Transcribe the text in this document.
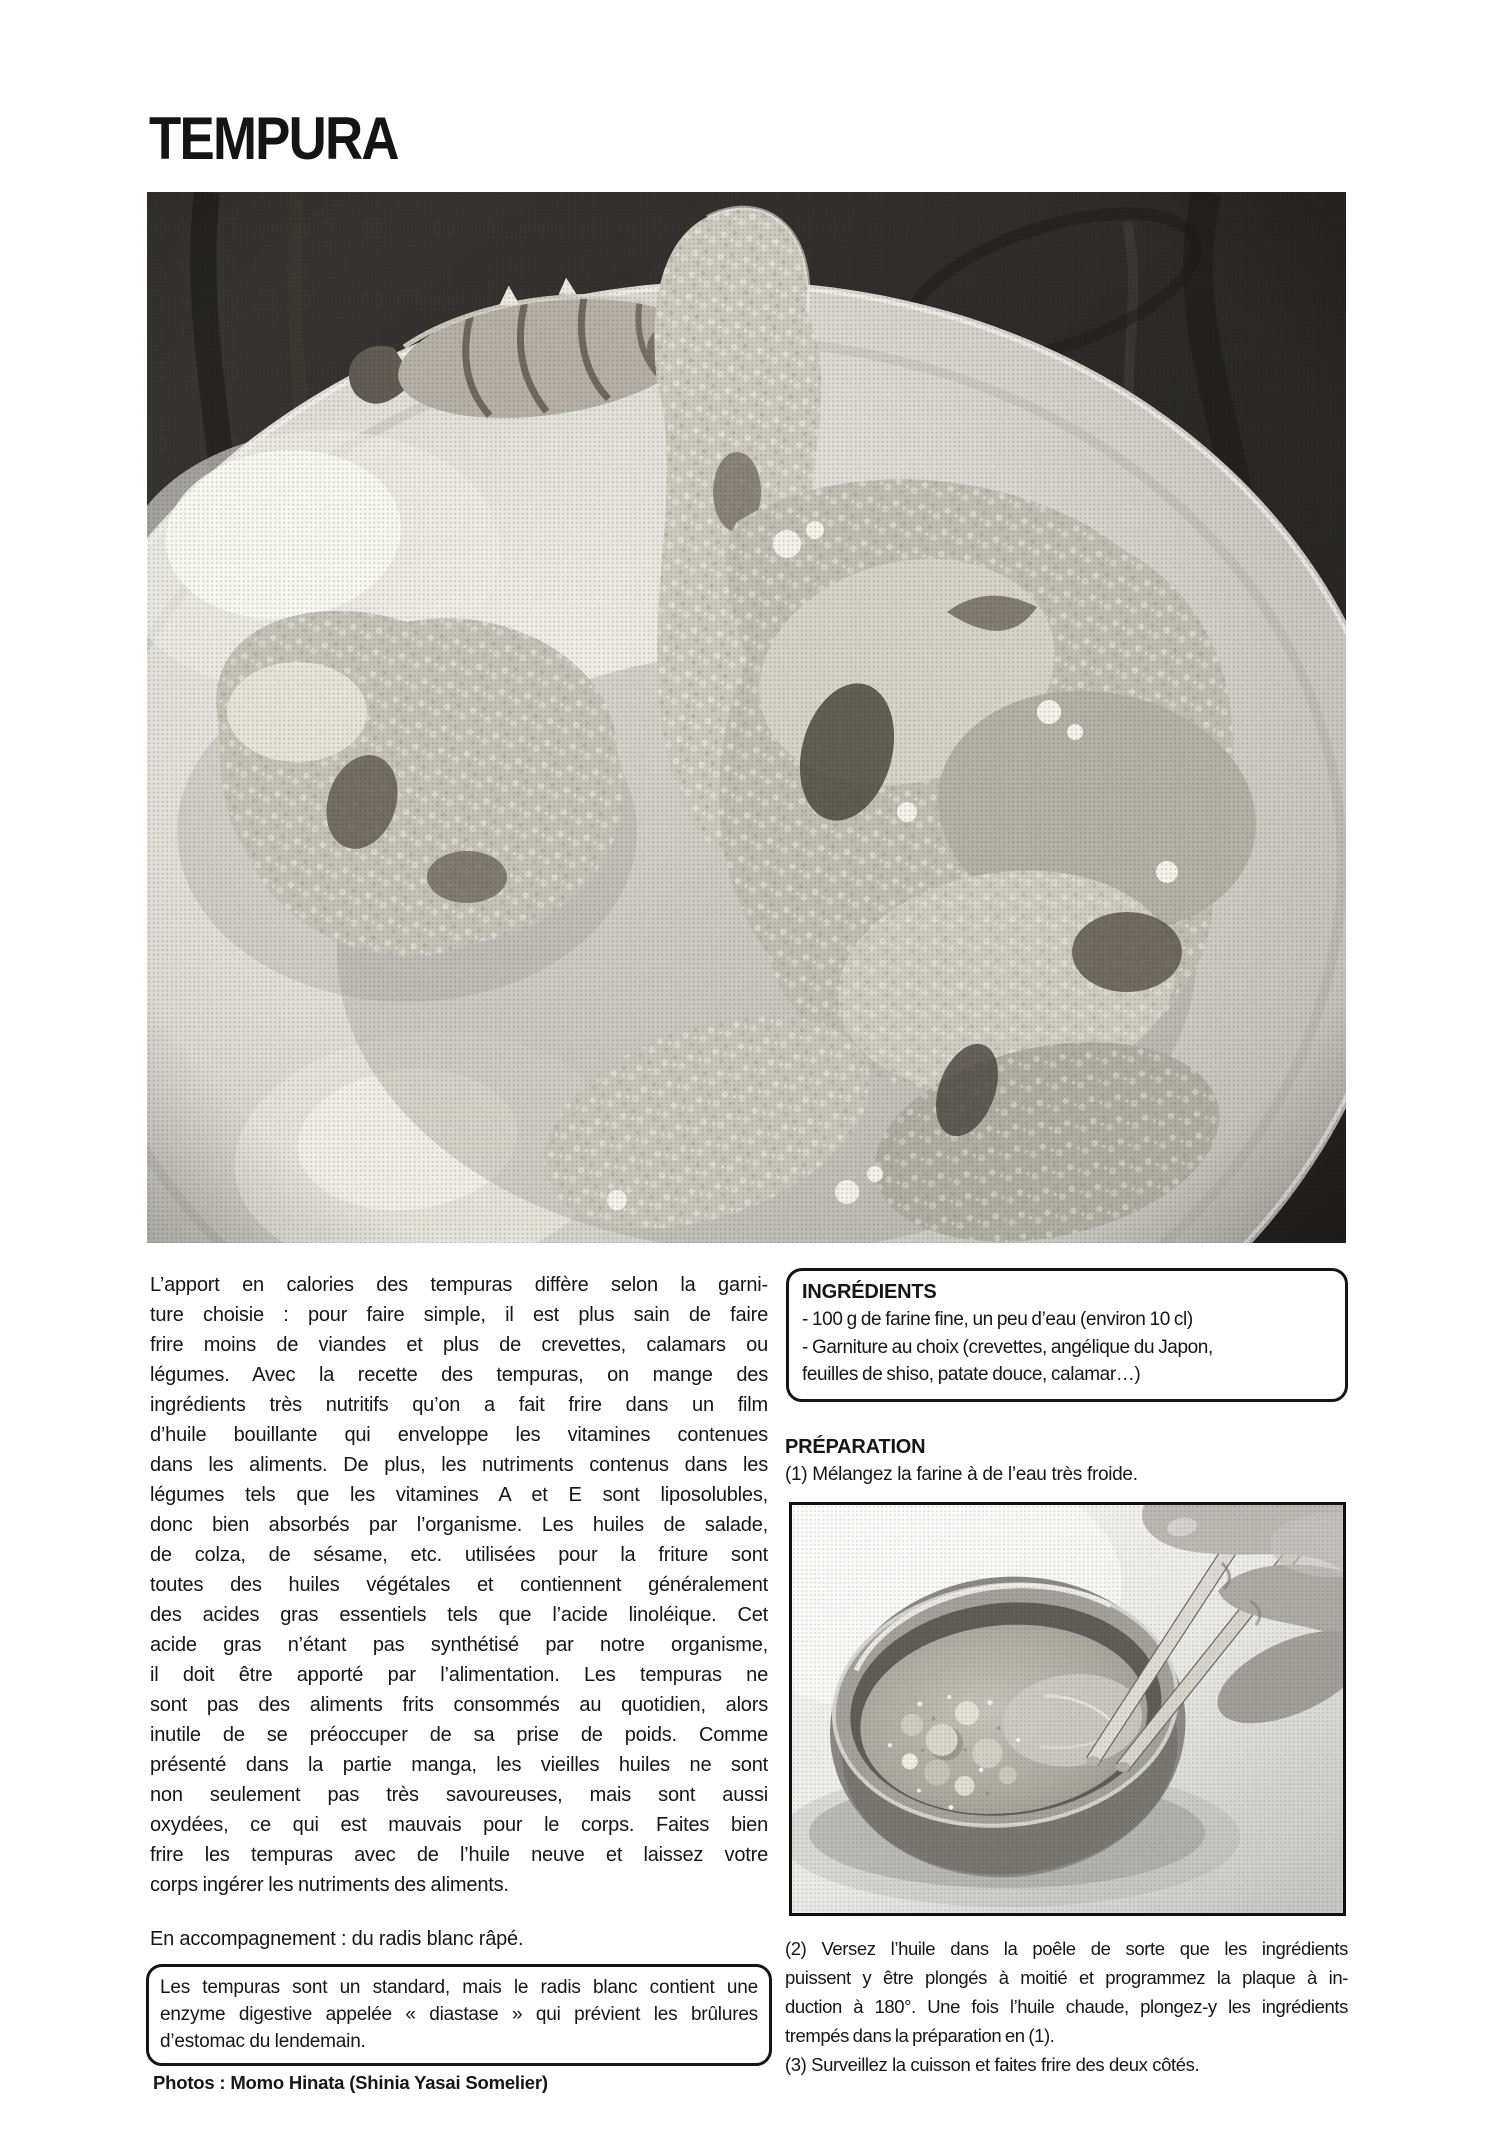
TEMPURA
L’apport en calories des tempuras diffère selon la garni-
ture choisie : pour faire simple, il est plus sain de faire
frire moins de viandes et plus de crevettes, calamars ou
légumes. Avec la recette des tempuras, on mange des
ingrédients très nutritifs qu’on a fait frire dans un film
d’huile bouillante qui enveloppe les vitamines contenues
dans les aliments. De plus, les nutriments contenus dans les
légumes tels que les vitamines A et E sont liposolubles,
donc bien absorbés par l’organisme. Les huiles de salade,
de colza, de sésame, etc. utilisées pour la friture sont
toutes des huiles végétales et contiennent généralement
des acides gras essentiels tels que l’acide linoléique. Cet
acide gras n’étant pas synthétisé par notre organisme,
il doit être apporté par l’alimentation. Les tempuras ne
sont pas des aliments frits consommés au quotidien, alors
inutile de se préoccuper de sa prise de poids. Comme
présenté dans la partie manga, les vieilles huiles ne sont
non seulement pas très savoureuses, mais sont aussi
oxydées, ce qui est mauvais pour le corps. Faites bien
frire les tempuras avec de l’huile neuve et laissez votre
corps ingérer les nutriments des aliments.

En accompagnement : du radis blanc râpé.

Les tempuras sont un standard, mais le radis blanc contient une
enzyme digestive appelée « diastase » qui prévient les brûlures
d’estomac du lendemain.

Photos : Momo Hinata (Shinia Yasai Somelier)

INGRÉDIENTS
- 100 g de farine fine, un peu d’eau (environ 10 cl)
- Garniture au choix (crevettes, angélique du Japon,
feuilles de shiso, patate douce, calamar…)
PRÉPARATION
(1) Mélangez la farine à de l’eau très froide.
(2) Versez l’huile dans la poêle de sorte que les ingrédients
puissent y être plongés à moitié et programmez la plaque à in-
duction à 180°. Une fois l’huile chaude, plongez-y les ingrédients
trempés dans la préparation en (1).
(3) Surveillez la cuisson et faites frire des deux côtés.
